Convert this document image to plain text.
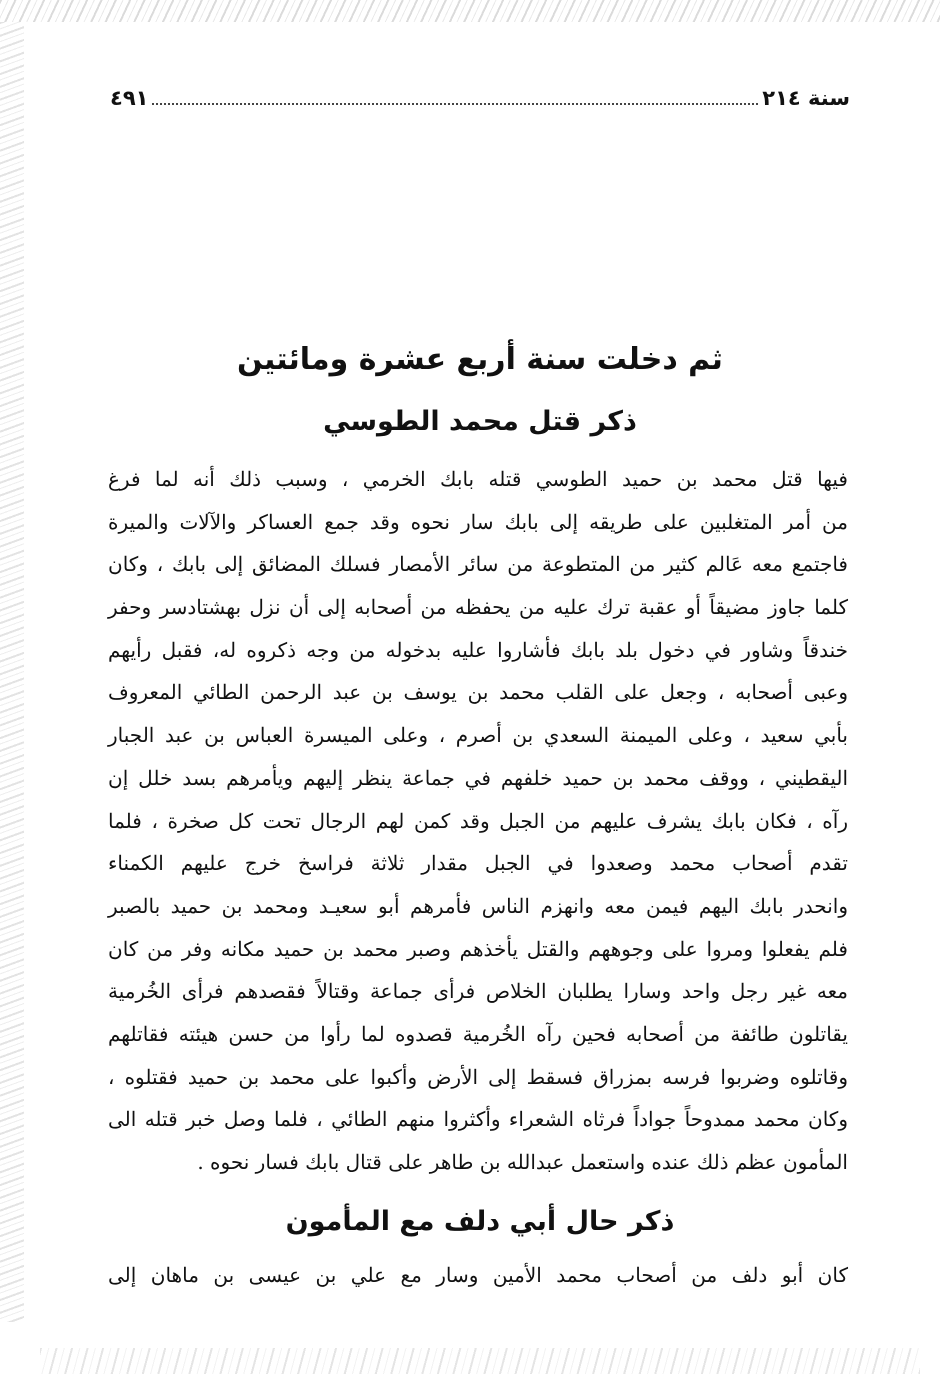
سنة ٢١٤
٤٩١
ثم دخلت سنة أربع عشرة ومائتين
ذكر قتل محمد الطوسي
فيها قتل محمد بن حميد الطوسي قتله بابك الخرمي ، وسبب ذلك أنه لما فرغ
من أمر المتغلبين على طريقه إلى بابك سار نحوه وقد جمع العساكر والآلات والميرة
فاجتمع معه عَالم كثير من المتطوعة من سائر الأمصار فسلك المضائق إلى بابك ، وكان
كلما جاوز مضيقاً أو عقبة ترك عليه من يحفظه من أصحابه إلى أن نزل بهشتادسر وحفر
خندقاً وشاور في دخول بلد بابك فأشاروا عليه بدخوله من وجه ذكروه له، فقبل رأيهم
وعبى أصحابه ، وجعل على القلب محمد بن يوسف بن عبد الرحمن الطائي المعروف
بأبي سعيد ، وعلى الميمنة السعدي بن أصرم ، وعلى الميسرة العباس بن عبد الجبار
اليقطيني ، ووقف محمد بن حميد خلفهم في جماعة ينظر إليهم ويأمرهم بسد خلل إن
رآه ، فكان بابك يشرف عليهم من الجبل وقد كمن لهم الرجال تحت كل صخرة ، فلما
تقدم أصحاب محمد وصعدوا في الجبل مقدار ثلاثة فراسخ خرج عليهم الكمناء
وانحدر بابك اليهم فيمن معه وانهزم الناس فأمرهم أبو سعيـد ومحمد بن حميد بالصبر
فلم يفعلوا ومروا على وجوههم والقتل يأخذهم وصبر محمد بن حميد مكانه وفر من كان
معه غير رجل واحد وسارا يطلبان الخلاص فرأى جماعة وقتالاً فقصدهم فرأى الخُرمية
يقاتلون طائفة من أصحابه فحين رآه الخُرمية قصدوه لما رأوا من حسن هيئته فقاتلهم
وقاتلوه وضربوا فرسه بمزراق فسقط إلى الأرض وأكبوا على محمد بن حميد فقتلوه ،
وكان محمد ممدوحاً جواداً فرثاه الشعراء وأكثروا منهم الطائي ، فلما وصل خبر قتله الى
المأمون عظم ذلك عنده واستعمل عبدالله بن طاهر على قتال بابك فسار نحوه .
ذكر حال أبي دلف مع المأمون
كان أبو دلف من أصحاب محمد الأمين وسار مع علي بن عيسى بن ماهان إلى
